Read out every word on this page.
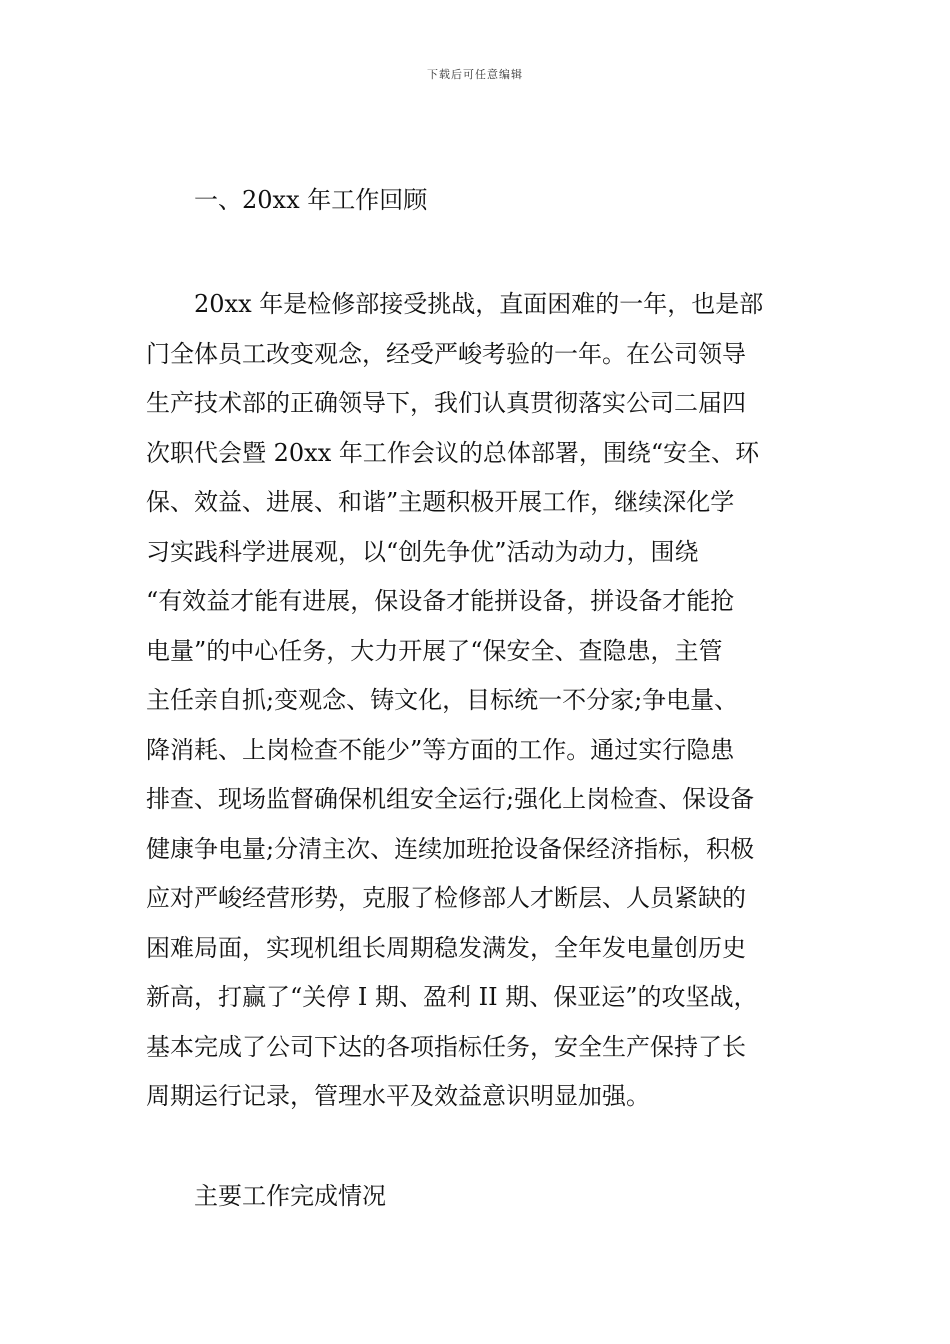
下载后可任意编辑
一、20xx 年工作回顾
20xx 年是检修部接受挑战，直面困难的一年，也是部
门全体员工改变观念，经受严峻考验的一年。在公司领导
生产技术部的正确领导下，我们认真贯彻落实公司二届四
次职代会暨 20xx 年工作会议的总体部署，围绕“安全、环
保、效益、进展、和谐”主题积极开展工作，继续深化学
习实践科学进展观，以“创先争优”活动为动力，围绕
“有效益才能有进展，保设备才能拼设备，拼设备才能抢
电量”的中心任务，大力开展了“保安全、查隐患，主管
主任亲自抓;变观念、铸文化，目标统一不分家;争电量、
降消耗、上岗检查不能少”等方面的工作。通过实行隐患
排查、现场监督确保机组安全运行;强化上岗检查、保设备
健康争电量;分清主次、连续加班抢设备保经济指标，积极
应对严峻经营形势，克服了检修部人才断层、人员紧缺的
困难局面，实现机组长周期稳发满发，全年发电量创历史
新高，打赢了“关停 I 期、盈利 II 期、保亚运”的攻坚战，
基本完成了公司下达的各项指标任务，安全生产保持了长
周期运行记录，管理水平及效益意识明显加强。
主要工作完成情况
